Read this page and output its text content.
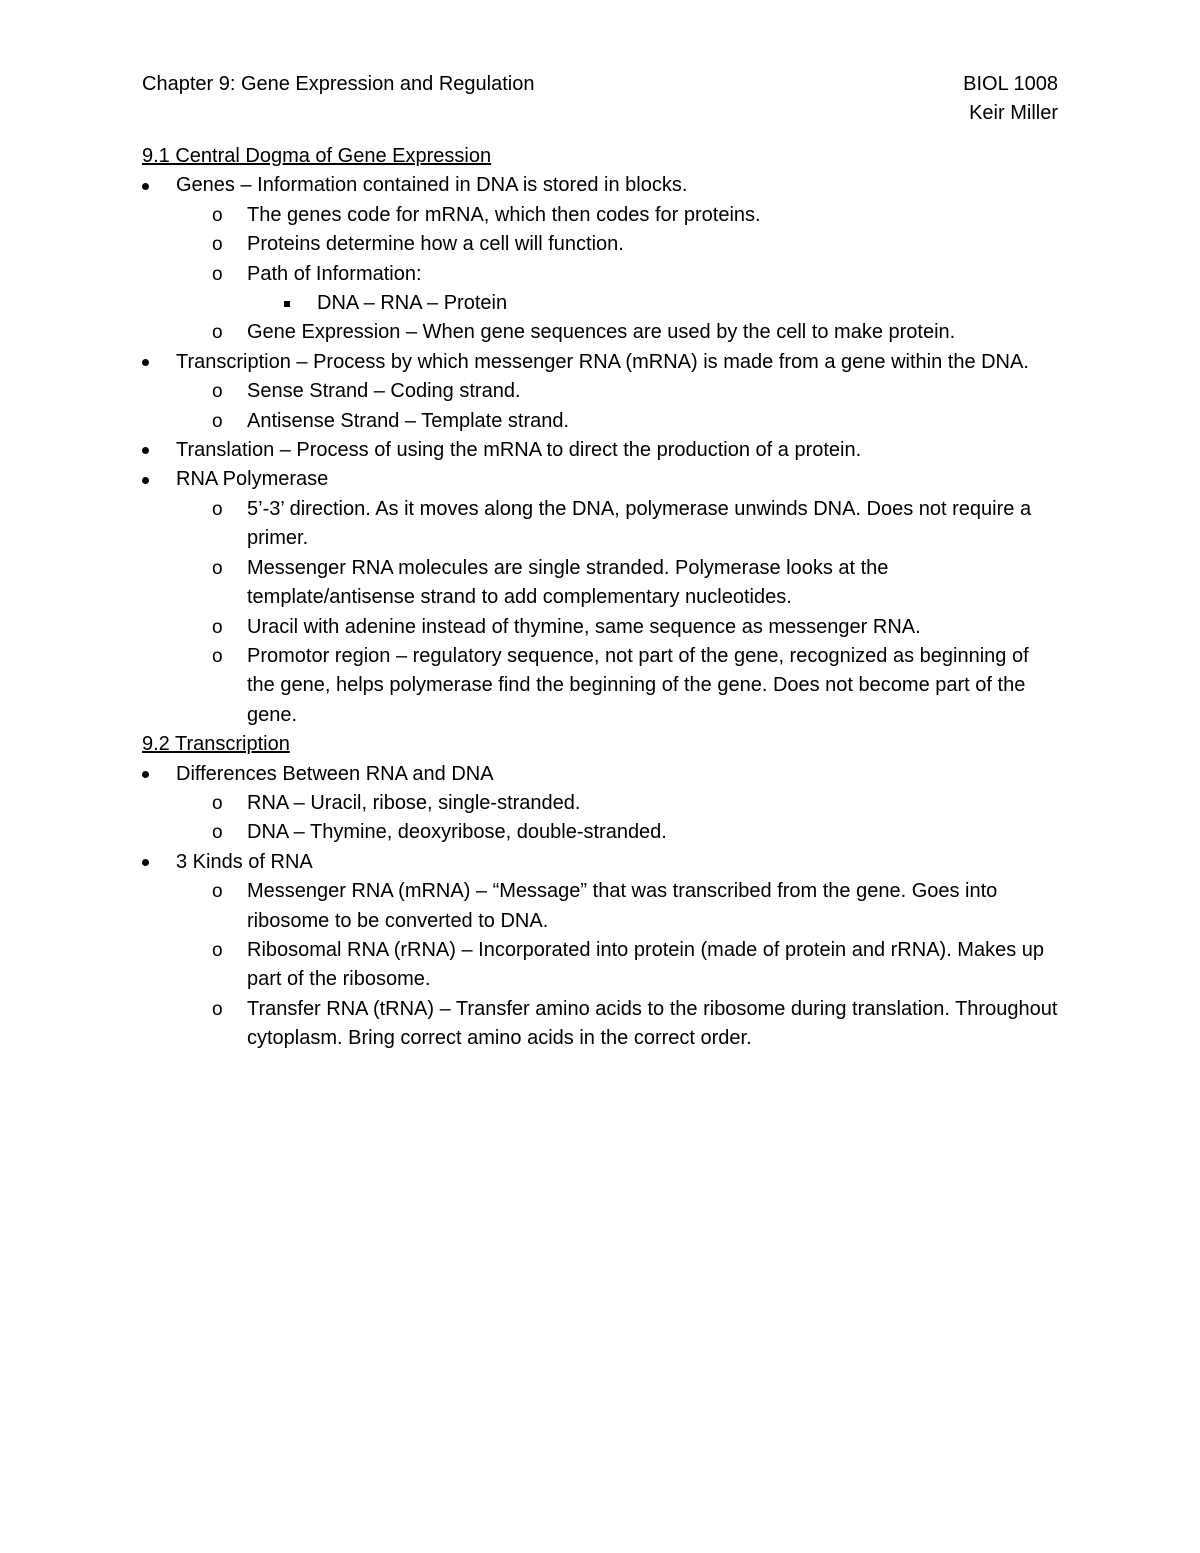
Chapter 9: Gene Expression and Regulation	BIOL 1008
Keir Miller
9.1 Central Dogma of Gene Expression
Genes – Information contained in DNA is stored in blocks.
o The genes code for mRNA, which then codes for proteins.
o Proteins determine how a cell will function.
o Path of Information:
DNA – RNA – Protein
o Gene Expression – When gene sequences are used by the cell to make protein.
Transcription – Process by which messenger RNA (mRNA) is made from a gene within the DNA.
o Sense Strand – Coding strand.
o Antisense Strand – Template strand.
Translation – Process of using the mRNA to direct the production of a protein.
RNA Polymerase
o 5’-3’ direction. As it moves along the DNA, polymerase unwinds DNA. Does not require a primer.
o Messenger RNA molecules are single stranded. Polymerase looks at the template/antisense strand to add complementary nucleotides.
o Uracil with adenine instead of thymine, same sequence as messenger RNA.
o Promotor region – regulatory sequence, not part of the gene, recognized as beginning of the gene, helps polymerase find the beginning of the gene. Does not become part of the gene.
9.2 Transcription
Differences Between RNA and DNA
o RNA – Uracil, ribose, single-stranded.
o DNA – Thymine, deoxyribose, double-stranded.
3 Kinds of RNA
o Messenger RNA (mRNA) – “Message” that was transcribed from the gene. Goes into ribosome to be converted to DNA.
o Ribosomal RNA (rRNA) – Incorporated into protein (made of protein and rRNA). Makes up part of the ribosome.
o Transfer RNA (tRNA) – Transfer amino acids to the ribosome during translation. Throughout cytoplasm. Bring correct amino acids in the correct order.
